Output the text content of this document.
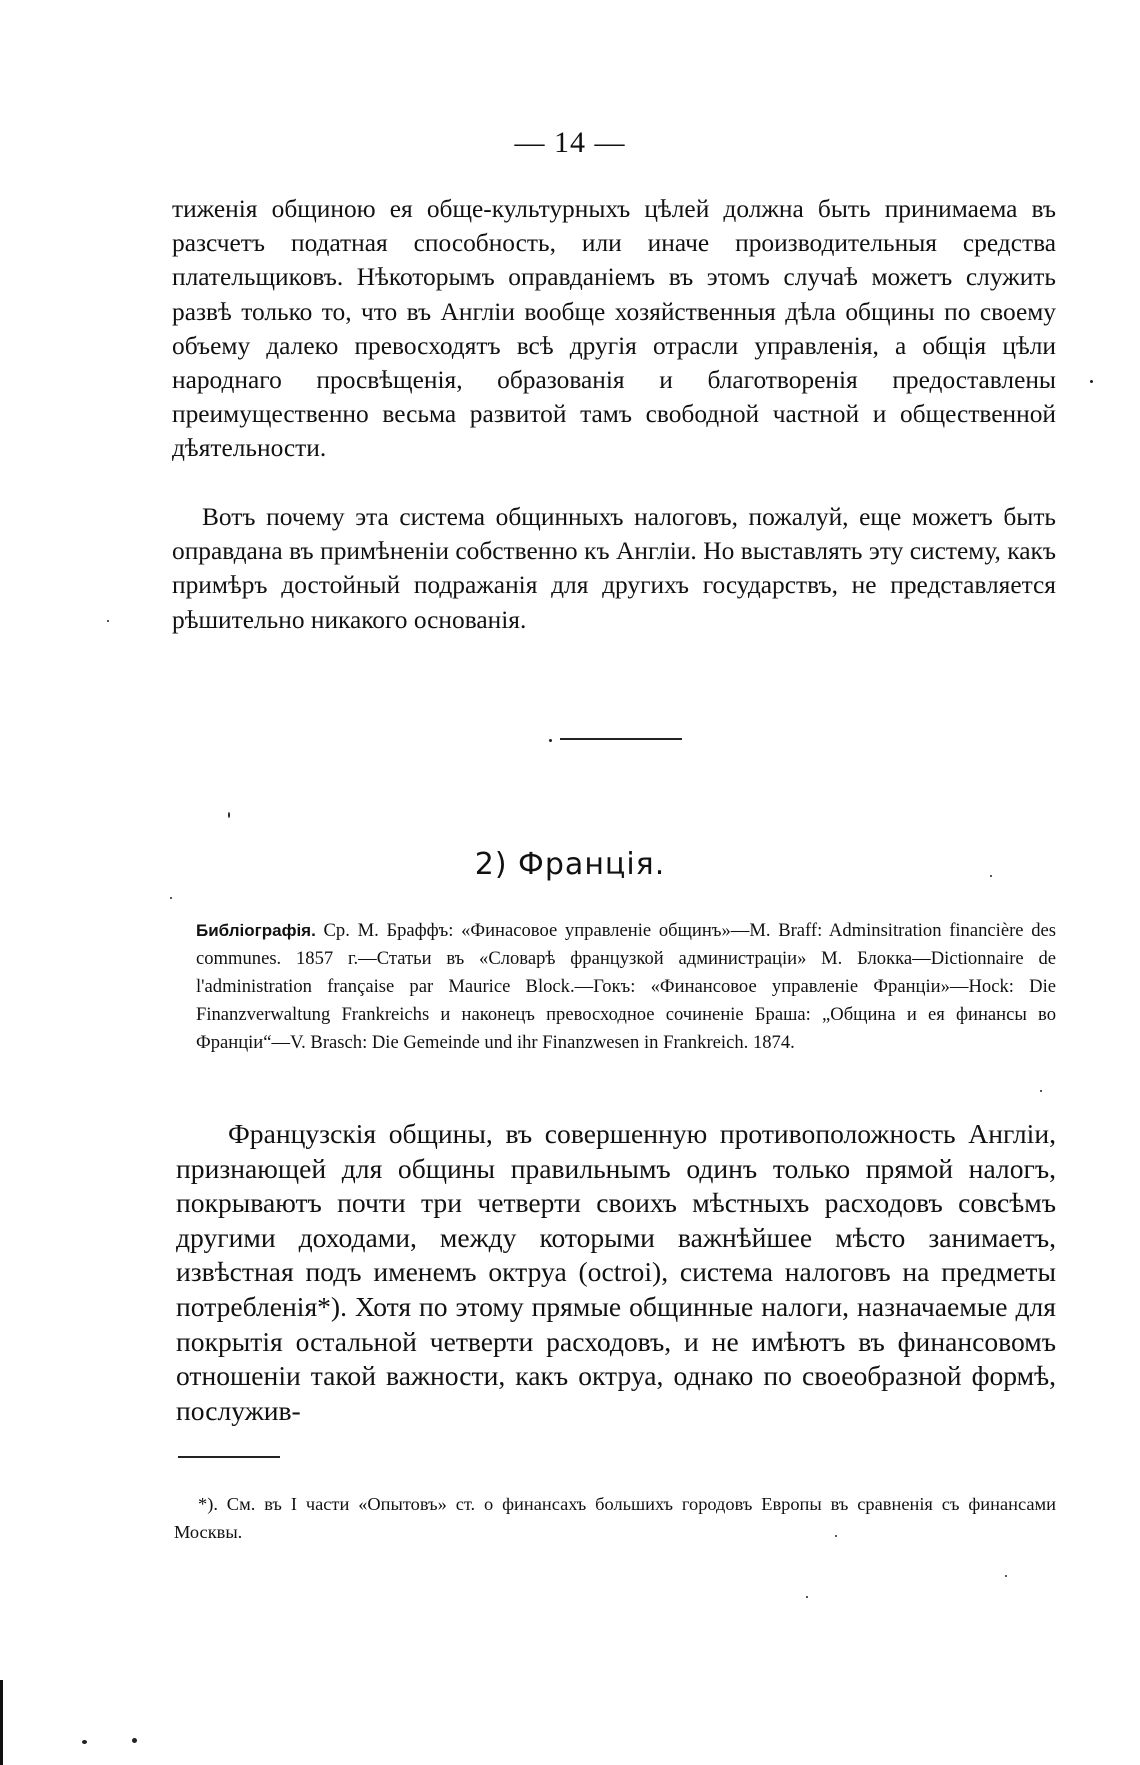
— 14 —

тиженія общиною ея обще-культурныхъ цѣлей должна быть принимаема въ разсчетъ податная способность, или иначе производительныя средства плательщиковъ. Нѣкоторымъ оправданіемъ въ этомъ случаѣ можетъ служить развѣ только то, что въ Англіи вообще хозяйственныя дѣла общины по своему объему далеко превосходятъ всѣ другія отрасли управленія, а общія цѣли народнаго просвѣщенія, образованія и благотворенія предоставлены преимущественно весьма развитой тамъ свободной частной и общественной дѣятельности.

Вотъ почему эта система общинныхъ налоговъ, пожалуй, еще можетъ быть оправдана въ примѣненіи собственно къ Англіи. Но выставлять эту систему, какъ примѣръ достойный подражанія для другихъ государствъ, не представляется рѣшительно никакого основанія.

2) Франція.

Библіографія. Ср. М. Браффъ: «Финасовое управленіе общинъ»—M. Braff: Adminsitration financière des communes. 1857 г.—Статьи въ «Словарѣ французкой администраціи» М. Блокка—Dictionnaire de l'administration française par Maurice Block.—Гокъ: «Финансовое управленіе Франціи»—Hock: Die Finanzverwaltung Frankreichs и наконецъ превосходное сочиненіе Браша: „Община и ея финансы во Франціи“—V. Brasch: Die Gemeinde und ihr Finanzwesen in Frankreich. 1874.

Французскія общины, въ совершенную противоположность Англіи, признающей для общины правильнымъ одинъ только прямой налогъ, покрываютъ почти три четверти своихъ мѣстныхъ расходовъ совсѣмъ другими доходами, между которыми важнѣйшее мѣсто занимаетъ, извѣстная подъ именемъ октруа (octroi), система налоговъ на предметы потребленія*). Хотя по этому прямые общинные налоги, назначаемые для покрытія остальной четверти расходовъ, и не имѣютъ въ финансовомъ отношеніи такой важности, какъ октруа, однако по своеобразной формѣ, послужив-

*). См. въ I части «Опытовъ» ст. о финансахъ большихъ городовъ Европы въ сравненія съ финансами Москвы.
